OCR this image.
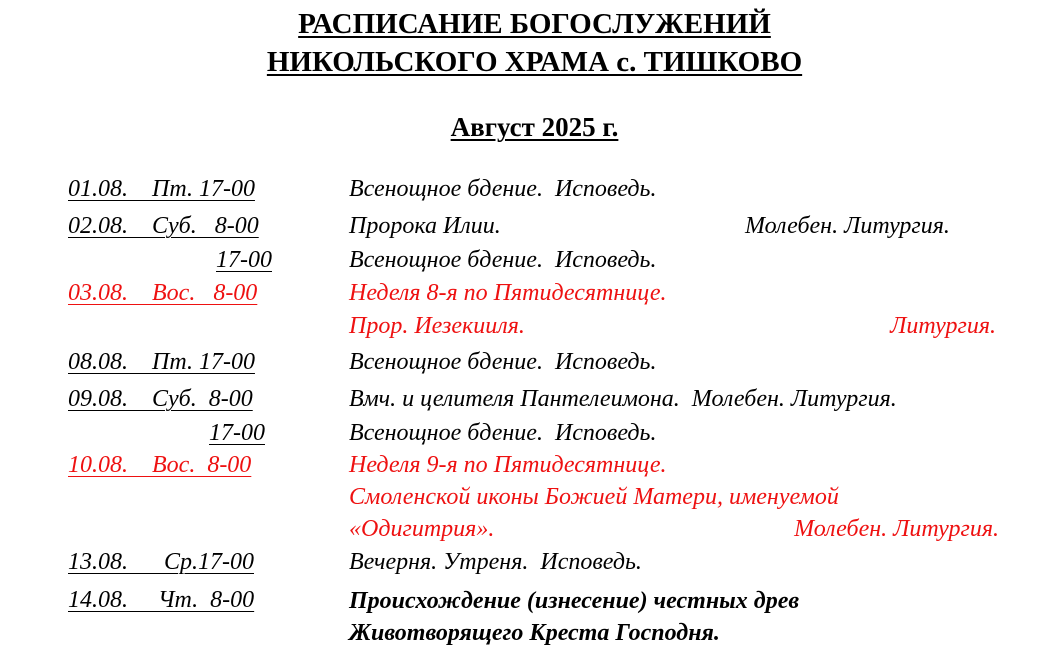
РАСПИСАНИЕ БОГОСЛУЖЕНИЙ
НИКОЛЬСКОГО ХРАМА с. ТИШКОВО
Август 2025 г.
01.08.    Пт. 17-00	Всенощное бдение.  Исповедь.
02.08.    Суб.   8-00	Пророка Илии.	Молебен. Литургия.
17-00	Всенощное бдение.  Исповедь.
03.08.    Вос.   8-00	Неделя 8-я по Пятидесятнице.
Прор. Иезекииля.	Литургия.
08.08.    Пт. 17-00	Всенощное бдение.  Исповедь.
09.08.    Суб.  8-00	Вмч. и целителя Пантелеимона.  Молебен. Литургия.
17-00	Всенощное бдение.  Исповедь.
10.08.    Вос.  8-00	Неделя 9-я по Пятидесятнице.
Смоленской иконы Божией Матери, именуемой
«Одигитрия».	Молебен. Литургия.
13.08.      Ср.17-00	Вечерня. Утреня.  Исповедь.
14.08.     Чт.  8-00	Происхождение (изнесение) честных древ
Животворящего Креста Господня.
